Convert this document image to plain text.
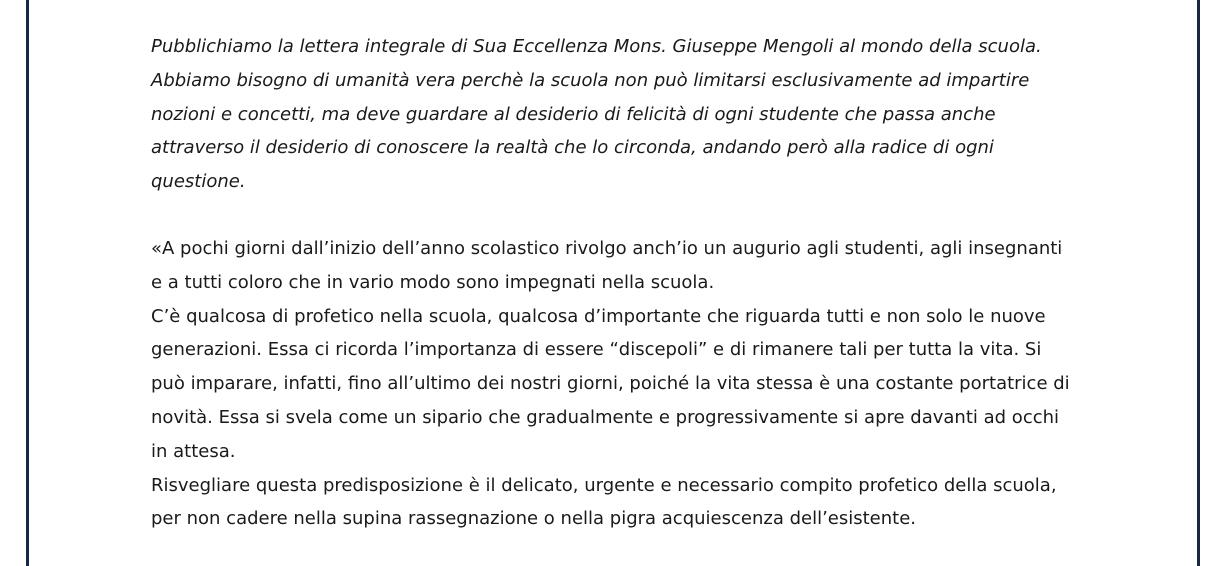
Pubblichiamo la lettera integrale di Sua Eccellenza Mons. Giuseppe Mengoli al mondo della scuola.
Abbiamo bisogno di umanità vera perchè la scuola non può limitarsi esclusivamente ad impartire
nozioni e concetti, ma deve guardare al desiderio di felicità di ogni studente che passa anche
attraverso il desiderio di conoscere la realtà che lo circonda, andando però alla radice di ogni
questione.

«A pochi giorni dall’inizio dell’anno scolastico rivolgo anch’io un augurio agli studenti, agli insegnanti
e a tutti coloro che in vario modo sono impegnati nella scuola.
C’è qualcosa di profetico nella scuola, qualcosa d’importante che riguarda tutti e non solo le nuove
generazioni. Essa ci ricorda l’importanza di essere “discepoli” e di rimanere tali per tutta la vita. Si
può imparare, infatti, fino all’ultimo dei nostri giorni, poiché la vita stessa è una costante portatrice di
novità. Essa si svela come un sipario che gradualmente e progressivamente si apre davanti ad occhi
in attesa.
Risvegliare questa predisposizione è il delicato, urgente e necessario compito profetico della scuola,
per non cadere nella supina rassegnazione o nella pigra acquiescenza dell’esistente.
